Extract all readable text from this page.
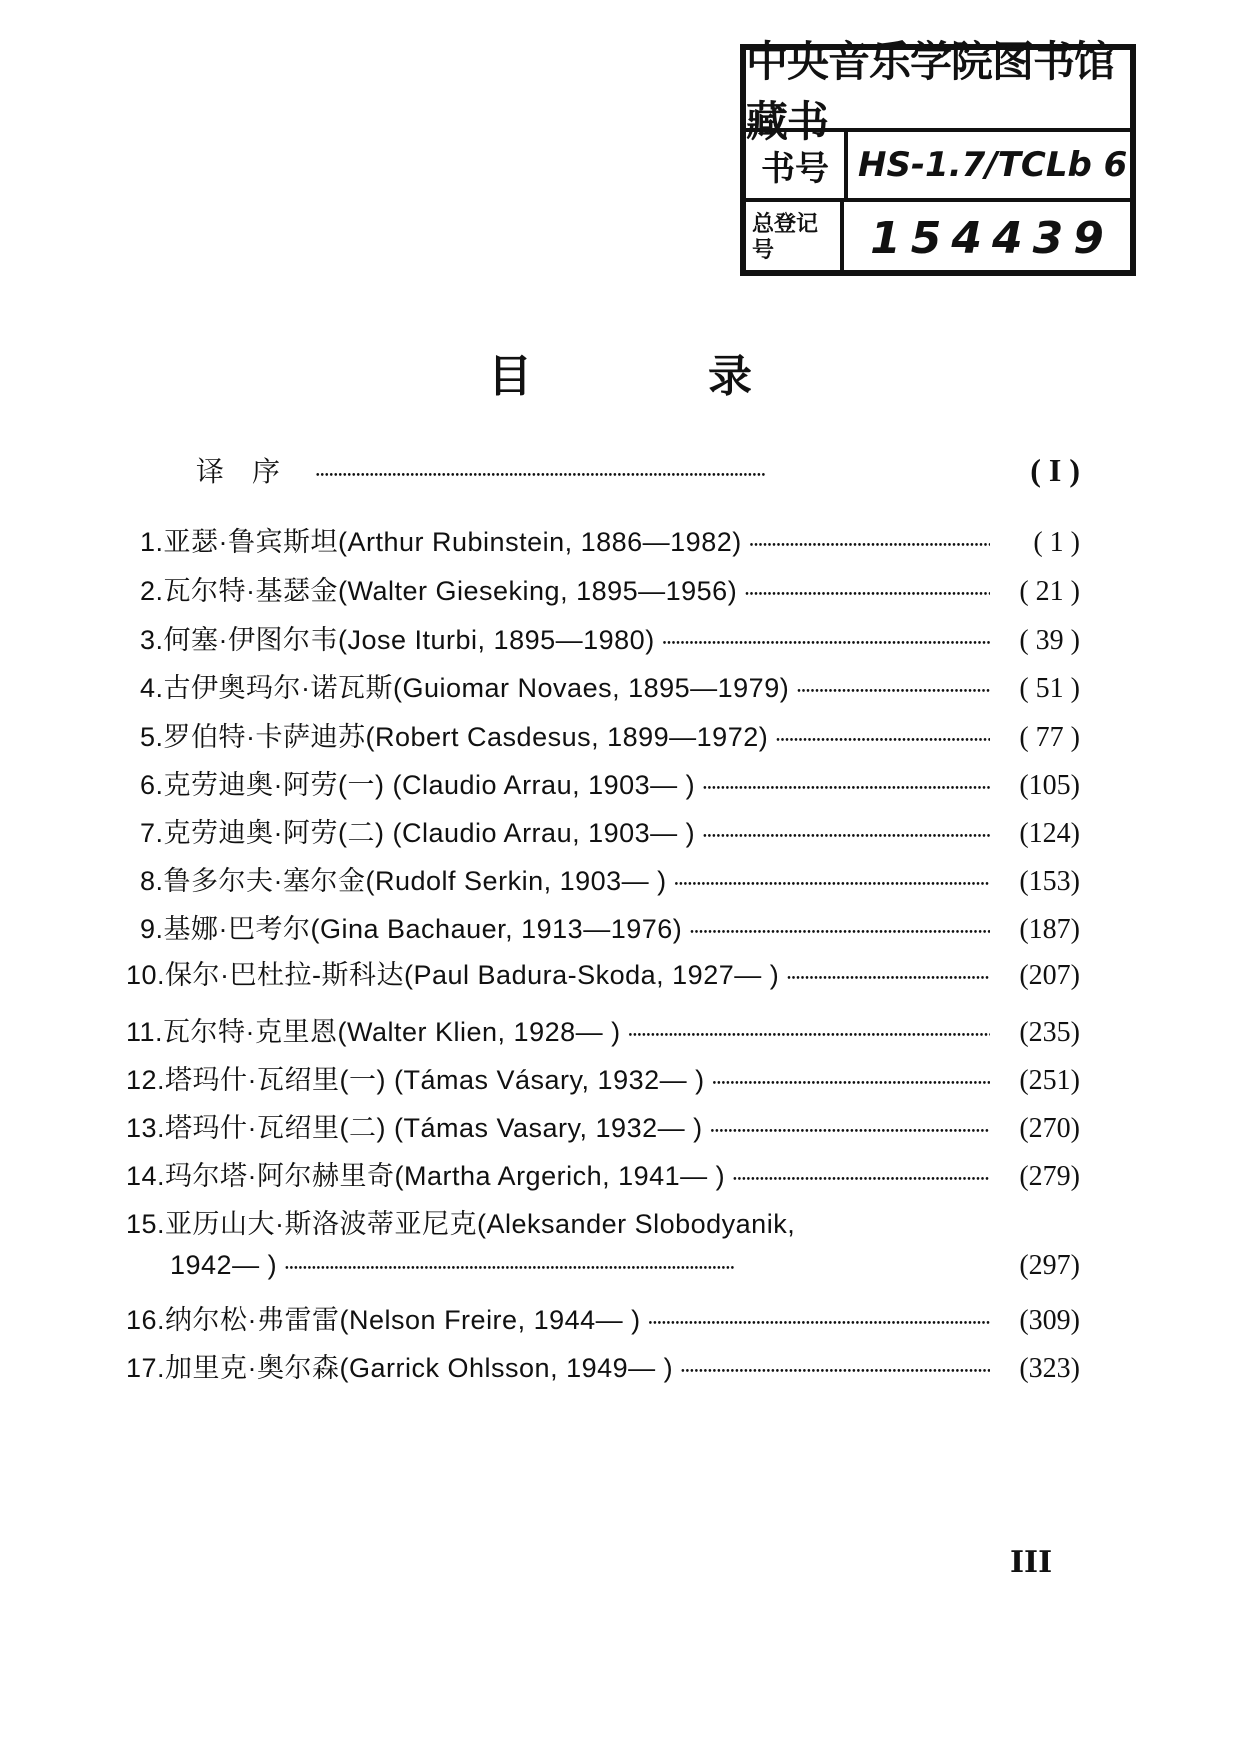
中央音乐学院图书馆藏书
书号 HS-1.7/TCLb 6
总登记号	154439
目	录
译序 •••••	( I )
1.亚瑟·鲁宾斯坦(Arthur Rubinstein, 1886—1982) •••••	( 1 )
2.瓦尔特·基瑟金(Walter Gieseking, 1895—1956) •••••	( 21 )
3.何塞·伊图尔韦(Jose Iturbi, 1895—1980) •••••	( 39 )
4.古伊奥玛尔·诺瓦斯(Guiomar Novaes, 1895—1979) •••••	( 51 )
5.罗伯特·卡萨迪苏(Robert Casdesus, 1899—1972) •••••	( 77 )
6.克劳迪奥·阿劳(一) (Claudio Arrau, 1903— ) •••••	(105)
7.克劳迪奥·阿劳(二) (Claudio Arrau, 1903— ) •••••	(124)
8.鲁多尔夫·塞尔金(Rudolf Serkin, 1903— ) •••••	(153)
9.基娜·巴考尔(Gina Bachauer, 1913—1976) •••••	(187)
10.保尔·巴杜拉-斯科达(Paul Badura-Skoda, 1927— ) •••••	(207)
11.瓦尔特·克里恩(Walter Klien, 1928— ) •••••	(235)
12.塔玛什·瓦绍里(一) (Támas Vásary, 1932— ) •••••	(251)
13.塔玛什·瓦绍里(二) (Támas Vasary, 1932— ) •••••	(270)
14.玛尔塔·阿尔赫里奇(Martha Argerich, 1941— ) •••••	(279)
15.亚历山大·斯洛波蒂亚尼克(Aleksander Slobodyanik,
1942— ) •••••	(297)
16.纳尔松·弗雷雷(Nelson Freire, 1944— ) •••••	(309)
17.加里克·奥尔森(Garrick Ohlsson, 1949— ) •••••	(323)
III
